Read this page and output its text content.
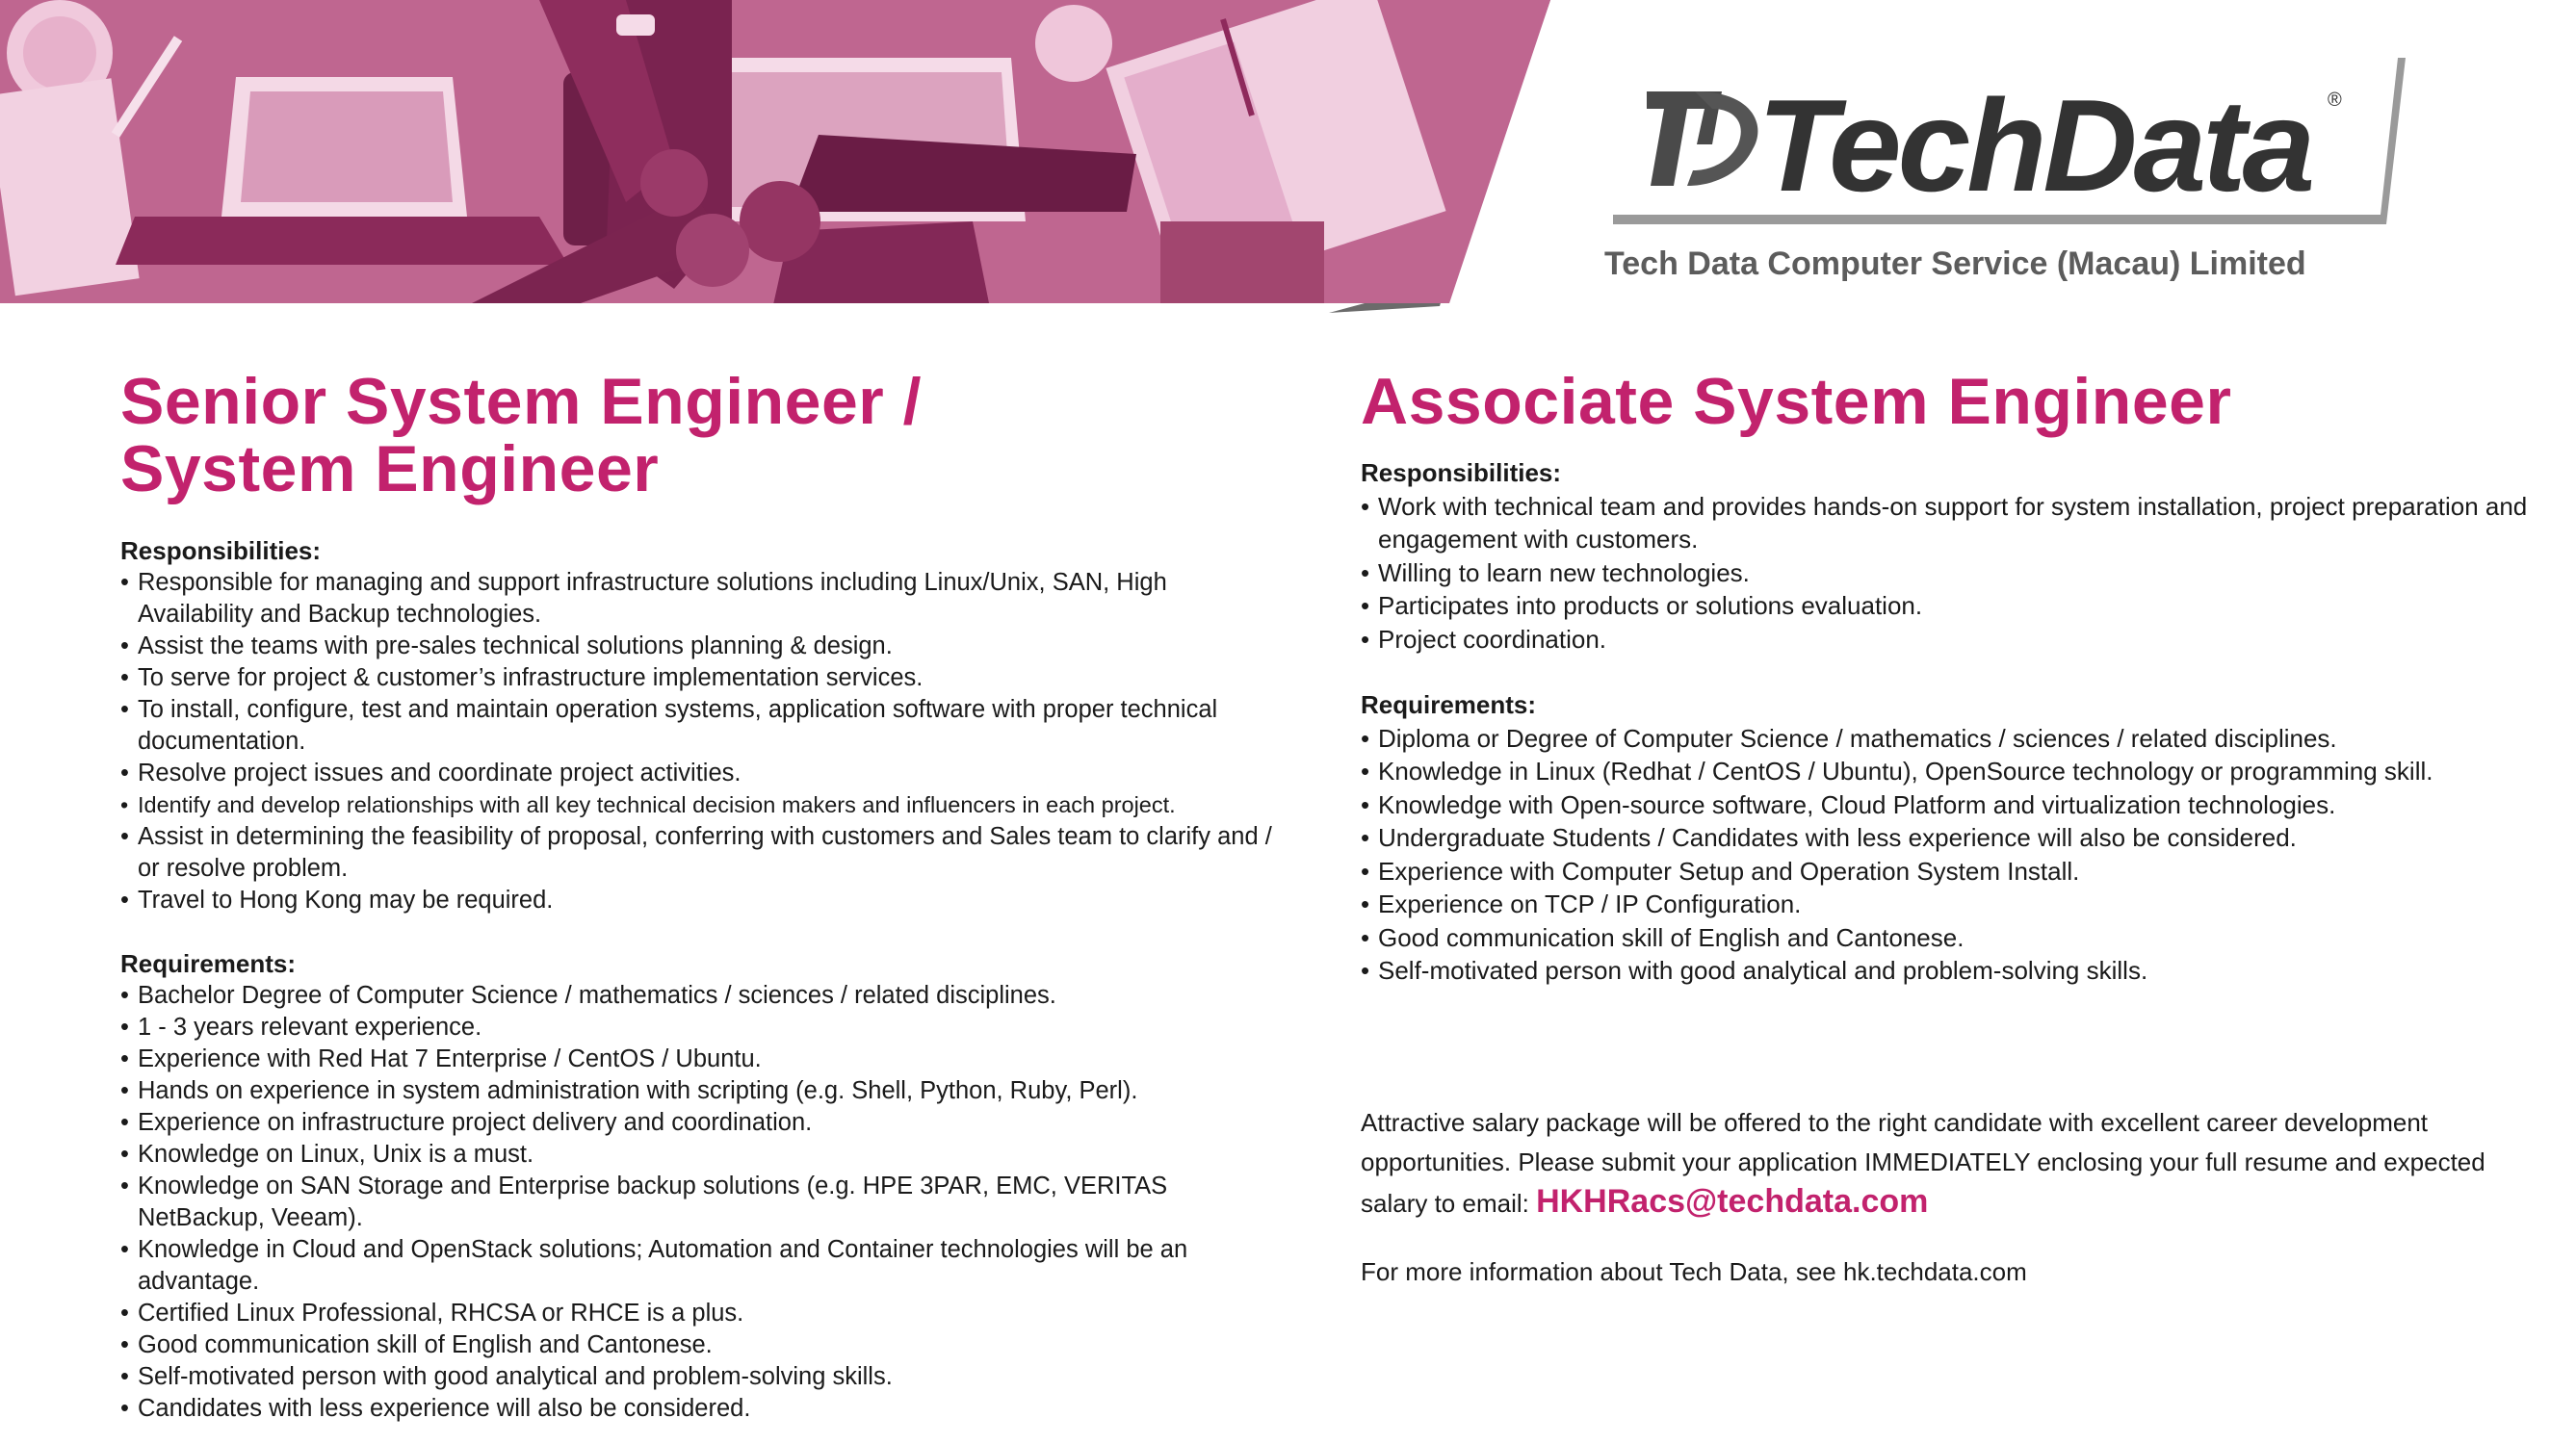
TechData ®
Tech Data Computer Service (Macau) Limited
Senior System Engineer /
System Engineer

Responsibilities:

• Responsible for managing and support infrastructure solutions including Linux/Unix, SAN, High Availability and Backup technologies.
• Assist the teams with pre-sales technical solutions planning & design.
• To serve for project & customer’s infrastructure implementation services.
• To install, configure, test and maintain operation systems, application software with proper technical documentation.
• Resolve project issues and coordinate project activities.
• Identify and develop relationships with all key technical decision makers and influencers in each project.
• Assist in determining the feasibility of proposal, conferring with customers and Sales team to clarify and / or resolve problem.
• Travel to Hong Kong may be required.

Requirements:

• Bachelor Degree of Computer Science / mathematics / sciences / related disciplines.
• 1 - 3 years relevant experience.
• Experience with Red Hat 7 Enterprise / CentOS / Ubuntu.
• Hands on experience in system administration with scripting (e.g. Shell, Python, Ruby, Perl).
• Experience on infrastructure project delivery and coordination.
• Knowledge on Linux, Unix is a must.
• Knowledge on SAN Storage and Enterprise backup solutions (e.g. HPE 3PAR, EMC, VERITAS NetBackup, Veeam).
• Knowledge in Cloud and OpenStack solutions; Automation and Container technologies will be an advantage.
• Certified Linux Professional, RHCSA or RHCE is a plus.
• Good communication skill of English and Cantonese.
• Self-motivated person with good analytical and problem-solving skills.
• Candidates with less experience will also be considered.
Associate System Engineer

Responsibilities:

• Work with technical team and provides hands-on support for system installation, project preparation and engagement with customers.
• Willing to learn new technologies.
• Participates into products or solutions evaluation.
• Project coordination.

Requirements:

• Diploma or Degree of Computer Science / mathematics / sciences / related disciplines.
• Knowledge in Linux (Redhat / CentOS / Ubuntu), OpenSource technology or programming skill.
• Knowledge with Open-source software, Cloud Platform and virtualization technologies.
• Undergraduate Students / Candidates with less experience will also be considered.
• Experience with Computer Setup and Operation System Install.
• Experience on TCP / IP Configuration.
• Good communication skill of English and Cantonese.
• Self-motivated person with good analytical and problem-solving skills.

Attractive salary package will be offered to the right candidate with excellent career development opportunities. Please submit your application IMMEDIATELY enclosing your full resume and expected salary to email: HKHRacs@techdata.com

For more information about Tech Data, see hk.techdata.com
